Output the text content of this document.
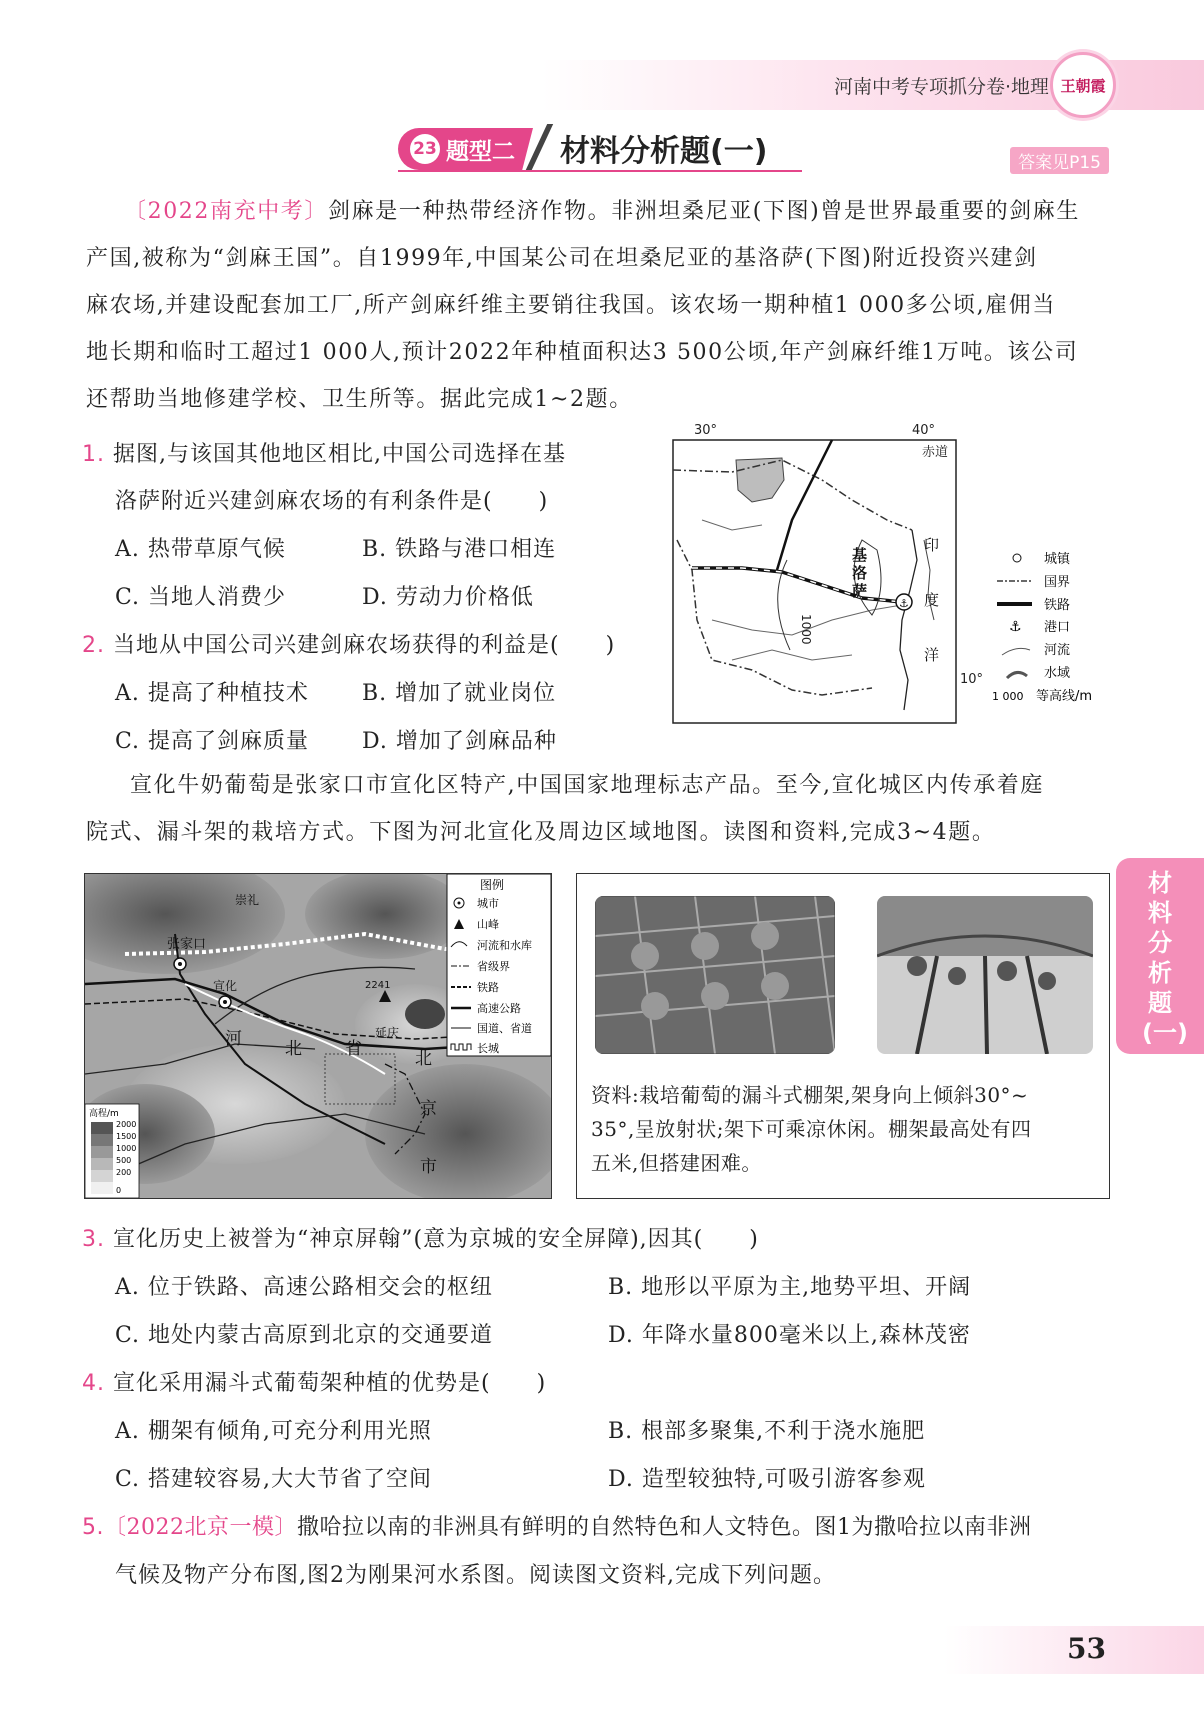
河南中考专项抓分卷·地理 王朝霞
23 题型二 材料分析题(一)	答案见P15
〔2022南充中考〕剑麻是一种热带经济作物。非洲坦桑尼亚(下图)曾是世界最重要的剑麻生
产国,被称为“剑麻王国”。自1999年,中国某公司在坦桑尼亚的基洛萨(下图)附近投资兴建剑
麻农场,并建设配套加工厂,所产剑麻纤维主要销往我国。该农场一期种植1 000多公顷,雇佣当
地长期和临时工超过1 000人,预计2022年种植面积达3 500公顷,年产剑麻纤维1万吨。该公司
还帮助当地修建学校、卫生所等。据此完成1~2题。
1. 据图,与该国其他地区相比,中国公司选择在基
洛萨附近兴建剑麻农场的有利条件是(　　)
A. 热带草原气候	B. 铁路与港口相连
C. 当地人消费少	D. 劳动力价格低
2. 当地从中国公司兴建剑麻农场获得的利益是(　　)
A. 提高了种植技术 B. 增加了就业岗位
C. 提高了剑麻质量 D. 增加了剑麻品种
⚓
30°	40°
赤道
10°
1000
基
洛
萨
印
度
洋
城镇
国界
铁路
⚓ 港口
河流
水域
1 000 等高线/m
宣化牛奶葡萄是张家口市宣化区特产,中国国家地理标志产品。至今,宣化城区内传承着庭
院式、漏斗架的栽培方式。下图为河北宣化及周边区域地图。读图和资料,完成3~4题。
崇礼
张家口
宣化	2241
河	北	省
延庆
北
京
市
图例
城市
山峰
河流和水库
省级界
铁路
高速公路
国道、省道
长城
高程/m
2000
1500
1000
500
200
0
资料:栽培葡萄的漏斗式棚架,架身向上倾斜30°~
35°,呈放射状;架下可乘凉休闲。棚架最高处有四
五米,但搭建困难。
3. 宣化历史上被誉为“神京屏翰”(意为京城的安全屏障),因其(　　)
A. 位于铁路、高速公路相交会的枢纽	B. 地形以平原为主,地势平坦、开阔
C. 地处内蒙古高原到北京的交通要道	D. 年降水量800毫米以上,森林茂密
4. 宣化采用漏斗式葡萄架种植的优势是(　　)
A. 棚架有倾角,可充分利用光照	B. 根部多聚集,不利于浇水施肥
C. 搭建较容易,大大节省了空间	D. 造型较独特,可吸引游客参观
5.〔2022北京一模〕撒哈拉以南的非洲具有鲜明的自然特色和人文特色。图1为撒哈拉以南非洲
气候及物产分布图,图2为刚果河水系图。阅读图文资料,完成下列问题。
材料分析题(一)
53
